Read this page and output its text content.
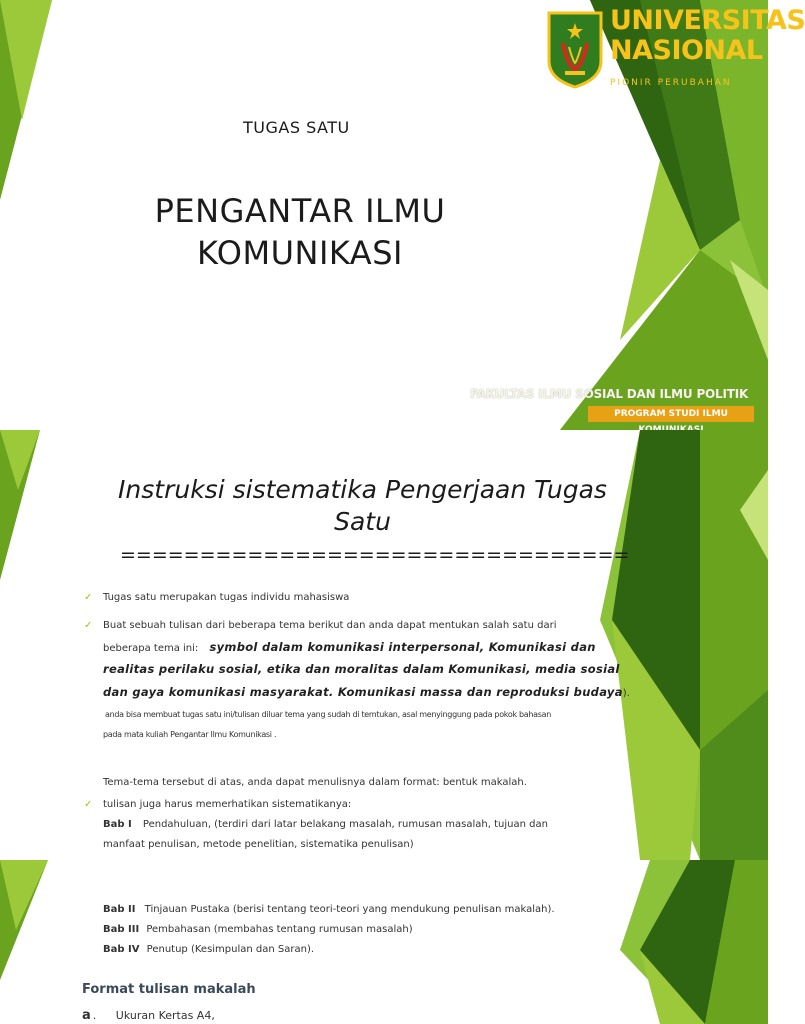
TUGAS SATU
PENGANTAR ILMU
KOMUNIKASI
UNIVERSITAS
NASIONAL
PIONIR PERUBAHAN
FAKULTAS ILMU SOSIAL DAN ILMU POLITIK
PROGRAM STUDI ILMU
Instruksi sistematika Pengerjaan Tugas
Satu
================================
✓ Tugas satu merupakan tugas individu mahasiswa
✓ Buat sebuah tulisan dari beberapa tema berikut dan anda dapat mentukan salah satu dari
beberapa tema ini: symbol dalam komunikasi interpersonal, Komunikasi dan
realitas perilaku sosial, etika dan moralitas dalam Komunikasi, media sosial
dan gaya komunikasi masyarakat. Komunikasi massa dan reproduksi budaya).
anda bisa membuat tugas satu ini/tulisan diluar tema yang sudah di temtukan, asal menyinggung pada pokok bahasan
pada mata kuliah Pengantar Ilmu Komunikasi .
Tema-tema tersebut di atas, anda dapat menulisnya dalam format: bentuk makalah.
✓ tulisan juga harus memerhatikan sistematikanya:
Bab I Pendahuluan, (terdiri dari latar belakang masalah, rumusan masalah, tujuan dan
manfaat penulisan, metode penelitian, sistematika penulisan)
Bab II Tinjauan Pustaka (berisi tentang teori-teori yang mendukung penulisan makalah).
Bab III Pembahasan (membahas tentang rumusan masalah)
Bab IV Penutup (Kesimpulan dan Saran).
Format tulisan makalah
a . Ukuran Kertas A4,
